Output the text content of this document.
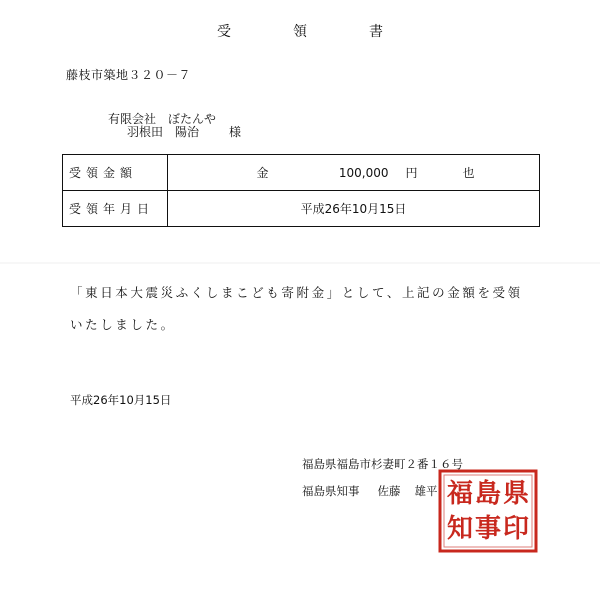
受	領	書
藤枝市築地３２０－７
有限会社　ぼたんや
羽根田 陽治	様
受領金額	金 100,000 円 也
受領年月日	平成26年10月15日
「東日本大震災ふくしまこども寄附金」として、上記の金額を受領
いたしました。
平成26年10月15日
福島県福島市杉妻町２番１６号
福島県知事 佐藤 雄平	県
印
島
事
福
知
